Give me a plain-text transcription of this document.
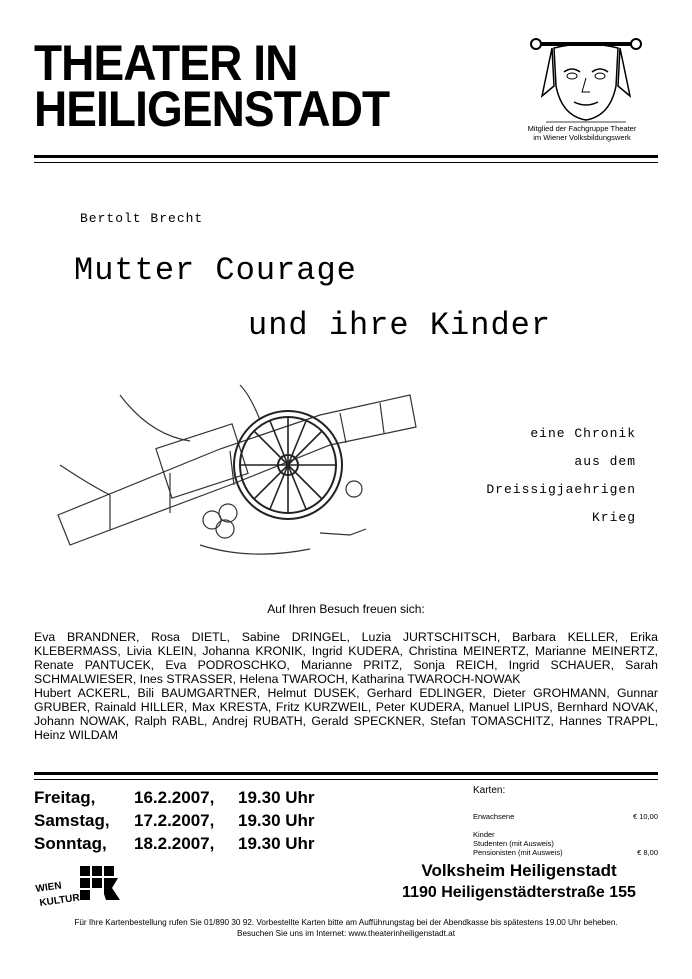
THEATER IN
HEILIGENSTADT	Mitglied der Fachgruppe Theater
im Wiener Volksbildungswerk
Bertolt Brecht
Mutter Courage
und ihre Kinder
eine Chronik
aus dem
Dreissigjaehrigen
Krieg
Auf Ihren Besuch freuen sich:

Eva BRANDNER, Rosa DIETL, Sabine DRINGEL, Luzia JURTSCHITSCH, Barbara KELLER, Erika KLEBERMASS, Livia KLEIN, Johanna KRONIK, Ingrid KUDERA, Christina MEINERTZ, Marianne MEINERTZ, Renate PANTUCEK, Eva PODROSCHKO, Marianne PRITZ, Sonja REICH, Ingrid SCHAUER, Sarah SCHMALWIESER, Ines STRASSER, Helena TWAROCH, Katharina TWAROCH-NOWAK

Hubert ACKERL, Bili BAUMGARTNER, Helmut DUSEK, Gerhard EDLINGER, Dieter GROHMANN, Gunnar GRUBER, Rainald HILLER, Max KRESTA, Fritz KURZWEIL, Peter KUDERA, Manuel LIPUS, Bernhard NOVAK, Johann NOWAK, Ralph RABL, Andrej RUBATH, Gerald SPECKNER, Stefan TOMASCHITZ, Hannes TRAPPL, Heinz WILDAM

Freitag, 16.2.2007, 19.30 Uhr
Samstag, 17.2.2007, 19.30 Uhr
Sonntag, 18.2.2007, 19.30 Uhr
Karten:
Erwachsene	€ 10,00
Kinder
Studenten (mit Ausweis)
Pensionisten (mit Ausweis)	€ 8,00
WIEN
KULTUR
Volksheim Heiligenstadt
1190 Heiligenstädterstraße 155
Für Ihre Kartenbestellung rufen Sie 01/890 30 92. Vorbestellte Karten bitte am Aufführungstag bei der Abendkasse bis spätestens 19.00 Uhr beheben.
Besuchen Sie uns im Internet: www.theaterinheiligenstadt.at
